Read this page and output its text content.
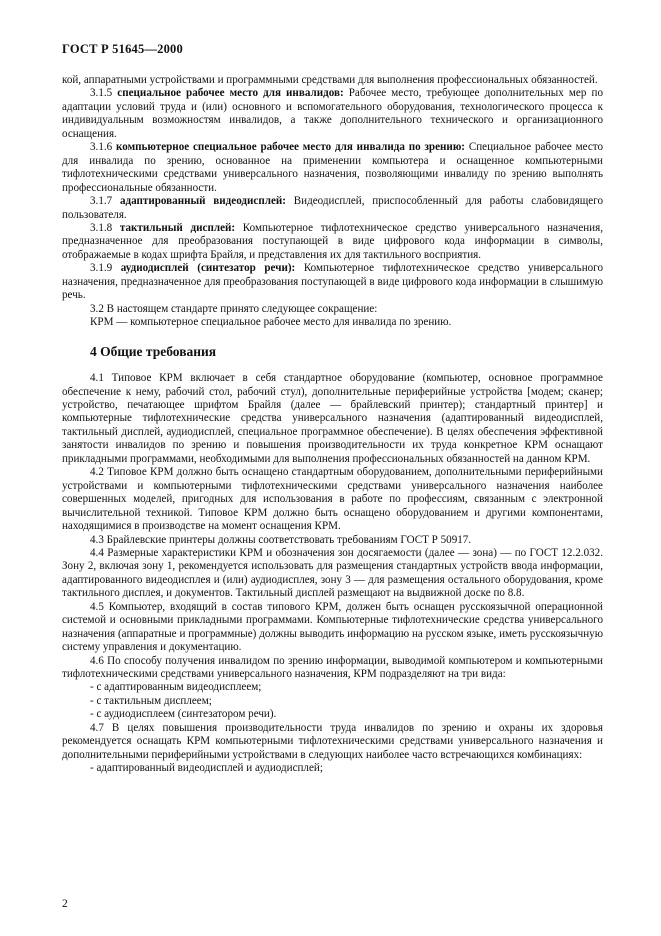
ГОСТ Р 51645—2000

кой, аппаратными устройствами и программными средствами для выполнения профессиональных обязанностей.

3.1.5 специальное рабочее место для инвалидов: Рабочее место, требующее дополнительных мер по адаптации условий труда и (или) основного и вспомогательного оборудования, технологического процесса к индивидуальным возможностям инвалидов, а также дополнительного технического и организационного оснащения.

3.1.6 компьютерное специальное рабочее место для инвалида по зрению: Специальное рабочее место для инвалида по зрению, основанное на применении компьютера и оснащенное компьютерными тифлотехническими средствами универсального назначения, позволяющими инвалиду по зрению выполнять профессиональные обязанности.

3.1.7 адаптированный видеодисплей: Видеодисплей, приспособленный для работы слабовидящего пользователя.

3.1.8 тактильный дисплей: Компьютерное тифлотехническое средство универсального назначения, предназначенное для преобразования поступающей в виде цифрового кода информации в символы, отображаемые в кодах шрифта Брайля, и представления их для тактильного восприятия.

3.1.9 аудиодисплей (синтезатор речи): Компьютерное тифлотехническое средство универсального назначения, предназначенное для преобразования поступающей в виде цифрового кода информации в слышимую речь.

3.2 В настоящем стандарте принято следующее сокращение:

КРМ — компьютерное специальное рабочее место для инвалида по зрению.

4 Общие требования

4.1 Типовое КРМ включает в себя стандартное оборудование (компьютер, основное программное обеспечение к нему, рабочий стол, рабочий стул), дополнительные периферийные устройства [модем; сканер; устройство, печатающее шрифтом Брайля (далее — брайлевский принтер); стандартный принтер] и компьютерные тифлотехнические средства универсального назначения (адаптированный видеодисплей, тактильный дисплей, аудиодисплей, специальное программное обеспечение). В целях обеспечения эффективной занятости инвалидов по зрению и повышения производительности их труда конкретное КРМ оснащают прикладными программами, необходимыми для выполнения профессиональных обязанностей на данном КРМ.

4.2 Типовое КРМ должно быть оснащено стандартным оборудованием, дополнительными периферийными устройствами и компьютерными тифлотехническими средствами универсального назначения наиболее совершенных моделей, пригодных для использования в работе по профессиям, связанным с электронной вычислительной техникой. Типовое КРМ должно быть оснащено оборудованием и другими компонентами, находящимися в производстве на момент оснащения КРМ.

4.3 Брайлевские принтеры должны соответствовать требованиям ГОСТ Р 50917.

4.4 Размерные характеристики КРМ и обозначения зон досягаемости (далее — зона) — по ГОСТ 12.2.032. Зону 2, включая зону 1, рекомендуется использовать для размещения стандартных устройств ввода информации, адаптированного видеодисплея и (или) аудиодисплея, зону 3 — для размещения остального оборудования, кроме тактильного дисплея, и документов. Тактильный дисплей размещают на выдвижной доске по 8.8.

4.5 Компьютер, входящий в состав типового КРМ, должен быть оснащен русскоязычной операционной системой и основными прикладными программами. Компьютерные тифлотехнические средства универсального назначения (аппаратные и программные) должны выводить информацию на русском языке, иметь русскоязычную систему управления и документацию.

4.6 По способу получения инвалидом по зрению информации, выводимой компьютером и компьютерными тифлотехническими средствами универсального назначения, КРМ подразделяют на три вида:

- с адаптированным видеодисплеем;

- с тактильным дисплеем;

- с аудиодисплеем (синтезатором речи).

4.7 В целях повышения производительности труда инвалидов по зрению и охраны их здоровья рекомендуется оснащать КРМ компьютерными тифлотехническими средствами универсального назначения и дополнительными периферийными устройствами в следующих наиболее часто встречающихся комбинациях:

- адаптированный видеодисплей и аудиодисплей;

2
